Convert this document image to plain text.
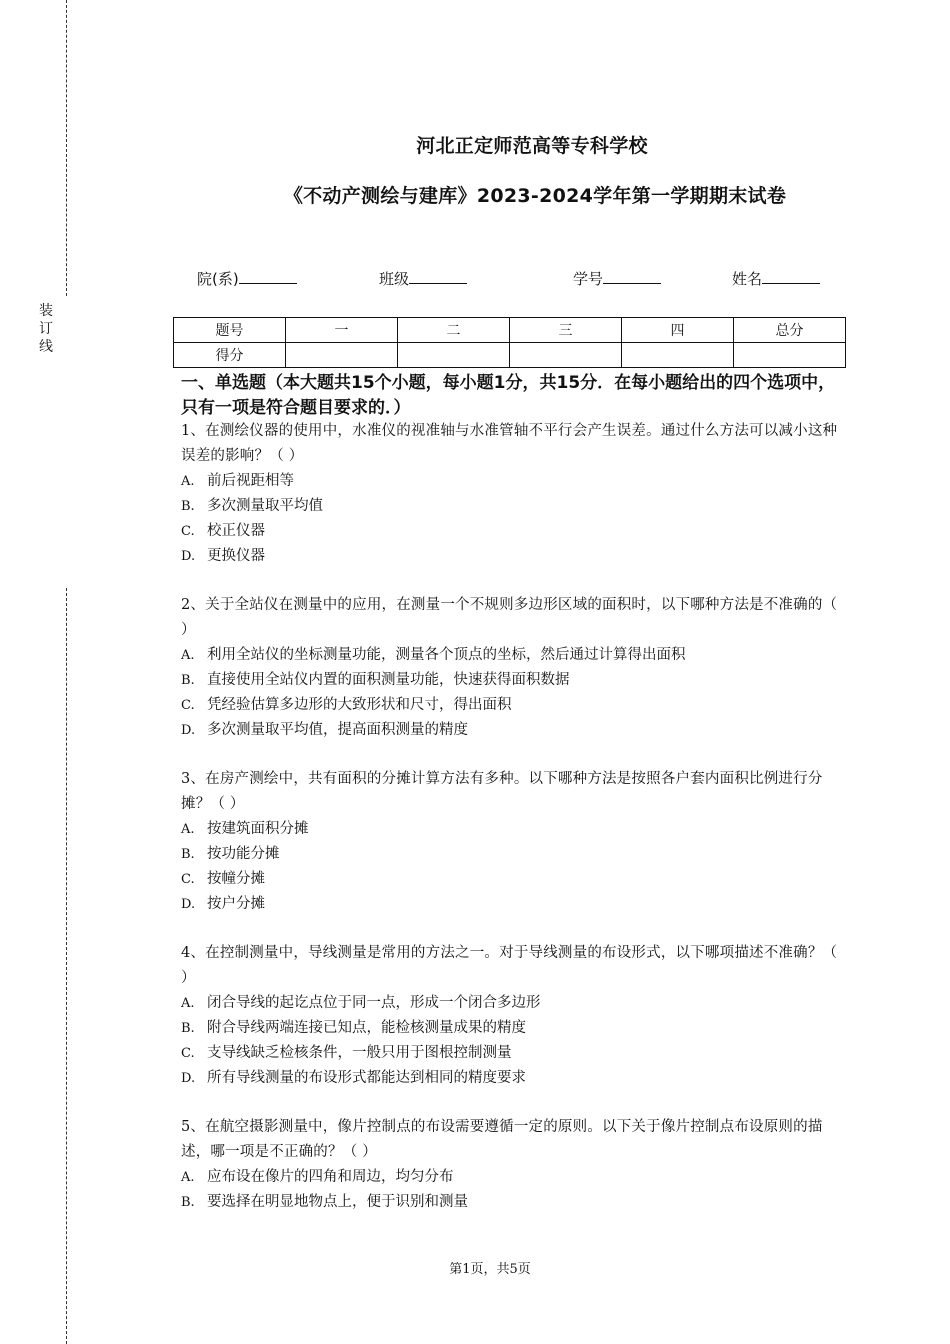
装
订
线
河北正定师范高等专科学校
《不动产测绘与建库》2023-2024学年第一学期期末试卷
院(系)	班级	学号	姓名
题号	一	二	三	四	总分
得分					
一、单选题（本大题共15个小题，每小题1分，共15分．在每小题给出的四个选项中，只有一项是符合题目要求的．）

1、在测绘仪器的使用中，水准仪的视准轴与水准管轴不平行会产生误差。通过什么方法可以减小这种误差的影响？（ ）

A. 前后视距相等

B. 多次测量取平均值

C. 校正仪器

D. 更换仪器

2、关于全站仪在测量中的应用，在测量一个不规则多边形区域的面积时，以下哪种方法是不准确的（ ）

A. 利用全站仪的坐标测量功能，测量各个顶点的坐标，然后通过计算得出面积

B. 直接使用全站仪内置的面积测量功能，快速获得面积数据

C. 凭经验估算多边形的大致形状和尺寸，得出面积

D. 多次测量取平均值，提高面积测量的精度

3、在房产测绘中，共有面积的分摊计算方法有多种。以下哪种方法是按照各户套内面积比例进行分摊？（ ）

A. 按建筑面积分摊

B. 按功能分摊

C. 按幢分摊

D. 按户分摊

4、在控制测量中，导线测量是常用的方法之一。对于导线测量的布设形式，以下哪项描述不准确？（ ）

A. 闭合导线的起讫点位于同一点，形成一个闭合多边形

B. 附合导线两端连接已知点，能检核测量成果的精度

C. 支导线缺乏检核条件，一般只用于图根控制测量

D. 所有导线测量的布设形式都能达到相同的精度要求

5、在航空摄影测量中，像片控制点的布设需要遵循一定的原则。以下关于像片控制点布设原则的描述，哪一项是不正确的？（ ）

A. 应布设在像片的四角和周边，均匀分布

B. 要选择在明显地物点上，便于识别和测量

第1页，共5页
